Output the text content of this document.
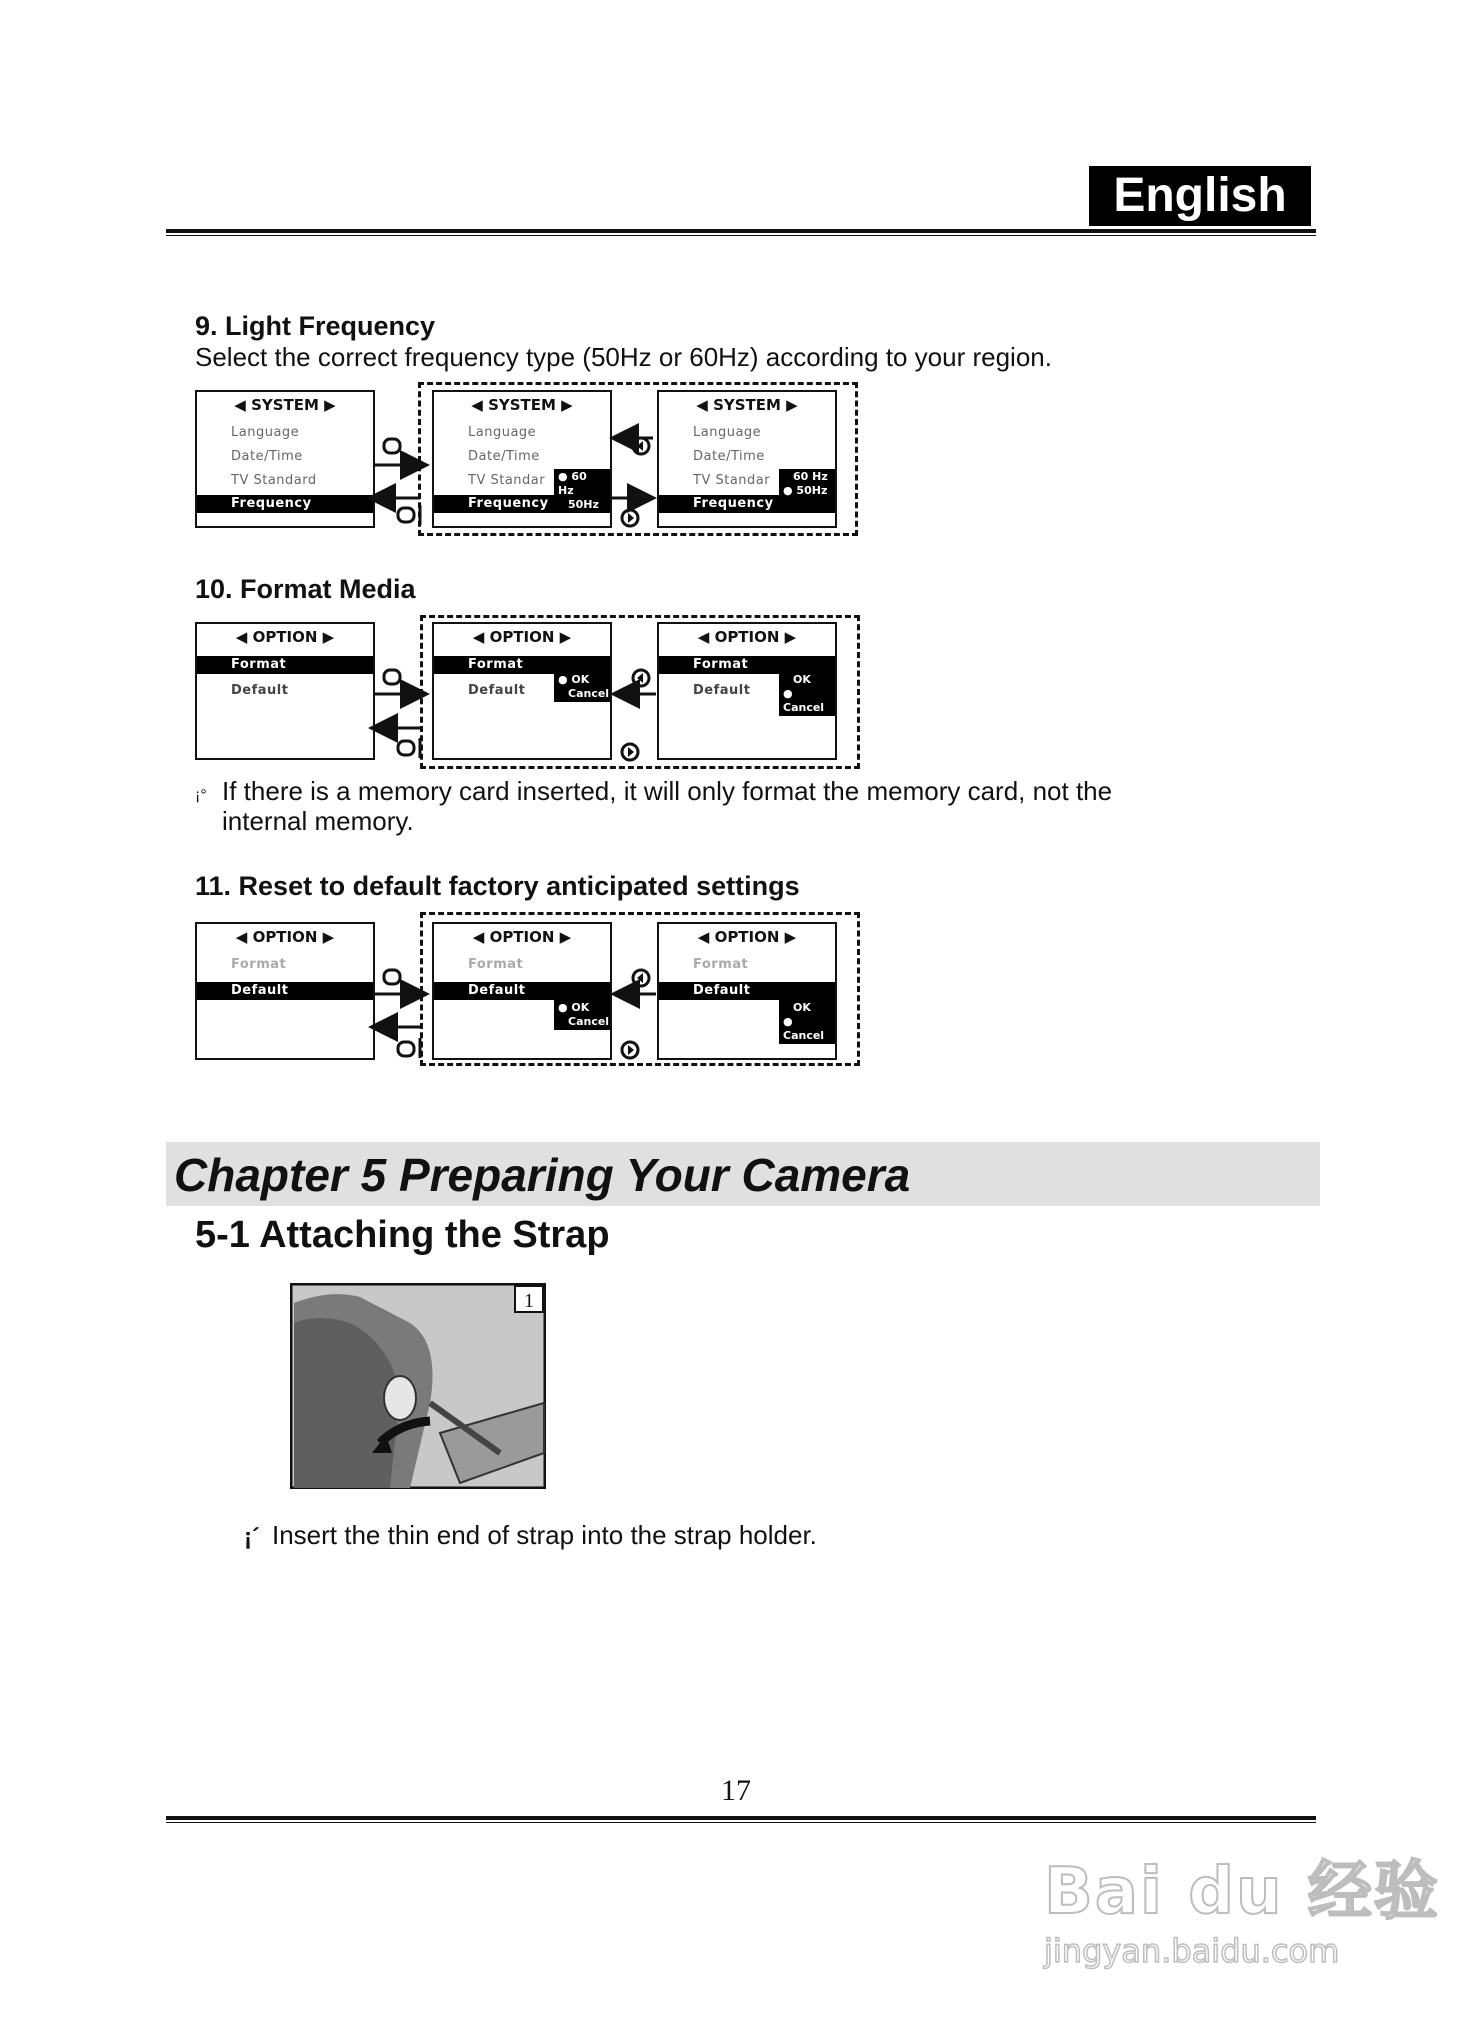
English
9. Light Frequency
Select the correct frequency type (50Hz or 60Hz) according to your region.
◀ SYSTEM ▶
Language
Date/Time
TV Standard
Frequency
◀ SYSTEM ▶
Language
Date/Time
TV Standar
Frequency
● 60 Hz
50Hz
◀ SYSTEM ▶
Language
Date/Time
TV Standar
Frequency
60 Hz
● 50Hz
10. Format Media
◀ OPTION ▶
Format
Default
◀ OPTION ▶
Format
Default
● OK
Cancel
◀ OPTION ▶
Format
Default
OK
● Cancel
¡° If there is a memory card inserted, it will only format the memory card, not the
internal memory.
11. Reset to default factory anticipated settings
◀ OPTION ▶
Format
Default
◀ OPTION ▶
Format
Default
● OK
Cancel
◀ OPTION ▶
Format
Default
OK
● Cancel
Chapter 5 Preparing Your Camera
5-1 Attaching the Strap
1
¡´ Insert the thin end of strap into the strap holder.
17
Bai du 经验
jingyan.baidu.com
